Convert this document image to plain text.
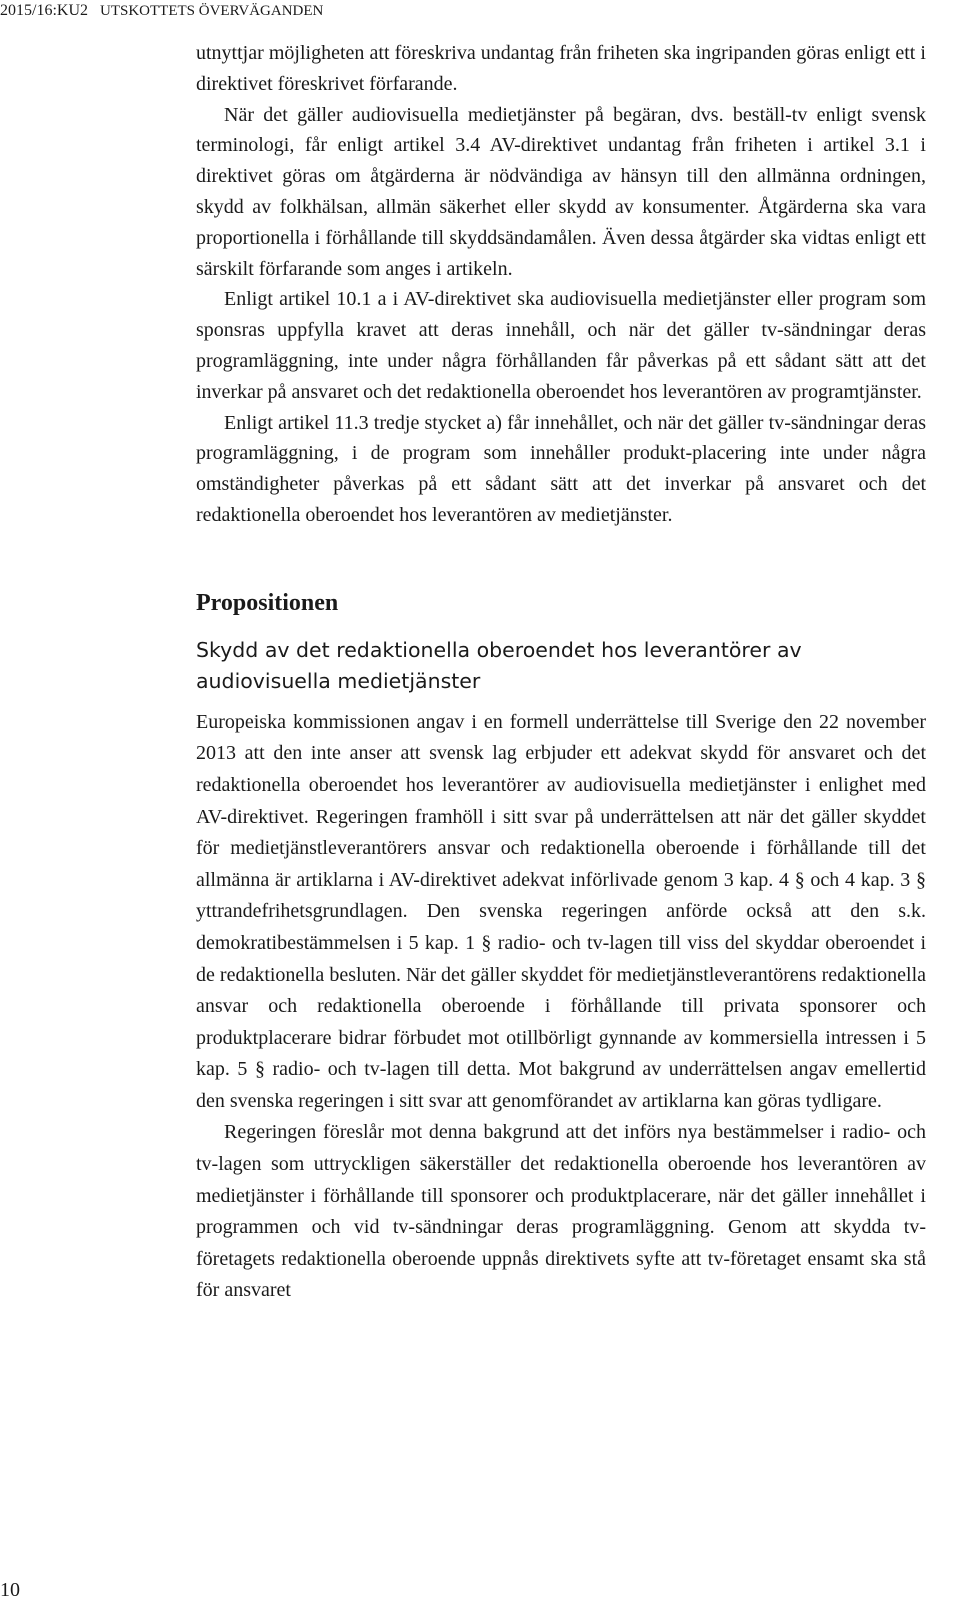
2015/16:KU2 UTSKOTTETS ÖVERVÄGANDEN

utnyttjar möjligheten att föreskriva undantag från friheten ska ingripanden göras enligt ett i direktivet föreskrivet förfarande.

När det gäller audiovisuella medietjänster på begäran, dvs. beställ-tv enligt svensk terminologi, får enligt artikel 3.4 AV-direktivet undantag från friheten i artikel 3.1 i direktivet göras om åtgärderna är nödvändiga av hänsyn till den allmänna ordningen, skydd av folkhälsan, allmän säkerhet eller skydd av konsumenter. Åtgärderna ska vara proportionella i förhållande till skyddsändamålen. Även dessa åtgärder ska vidtas enligt ett särskilt förfarande som anges i artikeln.

Enligt artikel 10.1 a i AV-direktivet ska audiovisuella medietjänster eller program som sponsras uppfylla kravet att deras innehåll, och när det gäller tv-sändningar deras programläggning, inte under några förhållanden får påverkas på ett sådant sätt att det inverkar på ansvaret och det redaktionella oberoendet hos leverantören av programtjänster.

Enligt artikel 11.3 tredje stycket a) får innehållet, och när det gäller tv-sändningar deras programläggning, i de program som innehåller produkt-placering inte under några omständigheter påverkas på ett sådant sätt att det inverkar på ansvaret och det redaktionella oberoendet hos leverantören av medietjänster.

Propositionen
Skydd av det redaktionella oberoendet hos leverantörer av audiovisuella medietjänster

Europeiska kommissionen angav i en formell underrättelse till Sverige den 22 november 2013 att den inte anser att svensk lag erbjuder ett adekvat skydd för ansvaret och det redaktionella oberoendet hos leverantörer av audiovisuella medietjänster i enlighet med AV-direktivet. Regeringen framhöll i sitt svar på underrättelsen att när det gäller skyddet för medietjänstleverantörers ansvar och redaktionella oberoende i förhållande till det allmänna är artiklarna i AV-direktivet adekvat införlivade genom 3 kap. 4 § och 4 kap. 3 § yttrandefrihetsgrundlagen. Den svenska regeringen anförde också att den s.k. demokratibestämmelsen i 5 kap. 1 § radio- och tv-lagen till viss del skyddar oberoendet i de redaktionella besluten. När det gäller skyddet för medietjänstleverantörens redaktionella ansvar och redaktionella oberoende i förhållande till privata sponsorer och produktplacerare bidrar förbudet mot otillbörligt gynnande av kommersiella intressen i 5 kap. 5 § radio- och tv-lagen till detta. Mot bakgrund av underrättelsen angav emellertid den svenska regeringen i sitt svar att genomförandet av artiklarna kan göras tydligare.

Regeringen föreslår mot denna bakgrund att det införs nya bestämmelser i radio- och tv-lagen som uttryckligen säkerställer det redaktionella oberoende hos leverantören av medietjänster i förhållande till sponsorer och produktplacerare, när det gäller innehållet i programmen och vid tv-sändningar deras programläggning. Genom att skydda tv-företagets redaktionella oberoende uppnås direktivets syfte att tv-företaget ensamt ska stå för ansvaret

10
